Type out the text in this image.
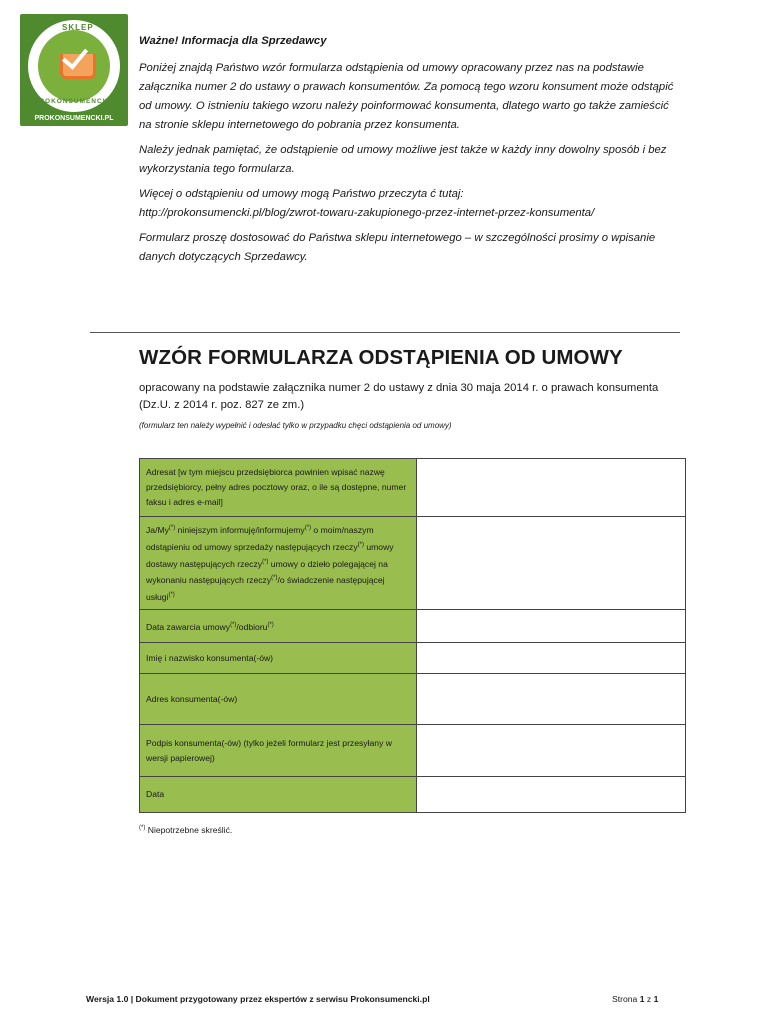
SKLEP
PROKONSUMENCKI
PROKONSUMENCKI.PL

Ważne! Informacja dla Sprzedawcy

Poniżej znajdą Państwo wzór formularza odstąpienia od umowy opracowany przez nas na podstawie załącznika numer 2 do ustawy o prawach konsumentów. Za pomocą tego wzoru konsument może odstąpić od umowy. O istnieniu takiego wzoru należy poinformować konsumenta, dlatego warto go także zamieścić na stronie sklepu internetowego do pobrania przez konsumenta.

Należy jednak pamiętać, że odstąpienie od umowy możliwe jest także w każdy inny dowolny sposób i bez wykorzystania tego formularza.

Więcej o odstąpieniu od umowy mogą Państwo przeczyta ć tutaj:
http://prokonsumencki.pl/blog/zwrot-towaru-zakupionego-przez-internet-przez-konsumenta/

Formularz proszę dostosować do Państwa sklepu internetowego – w szczególności prosimy o wpisanie danych dotyczących Sprzedawcy.

WZÓR FORMULARZA ODSTĄPIENIA OD UMOWY
opracowany na podstawie załącznika numer 2 do ustawy z dnia 30 maja 2014 r. o prawach konsumenta (Dz.U. z 2014 r. poz. 827 ze zm.)
(formularz ten należy wypełnić i odesłać tylko w przypadku chęci odstąpienia od umowy)
Adresat [w tym miejscu przedsiębiorca powinien wpisać nazwę przedsiębiorcy, pełny adres pocztowy oraz, o ile są dostępne, numer faksu i adres e-mail]	
Ja/My(*) niniejszym informuję/informujemy(*) o moim/naszym odstąpieniu od umowy sprzedaży następujących rzeczy(*) umowy dostawy następujących rzeczy(*) umowy o dzieło polegającej na wykonaniu następujących rzeczy(*)/o świadczenie następującej usługi(*)	
Data zawarcia umowy(*)/odbioru(*)	
Imię i nazwisko konsumenta(-ów)	
Adres konsumenta(-ów)	
Podpis konsumenta(-ów) (tylko jeżeli formularz jest przesyłany w wersji papierowej)	
Data	
(*) Niepotrzebne skreślić.
Wersja 1.0 | Dokument przygotowany przez ekspertów z serwisu Prokonsumencki.pl	Strona 1 z 1
